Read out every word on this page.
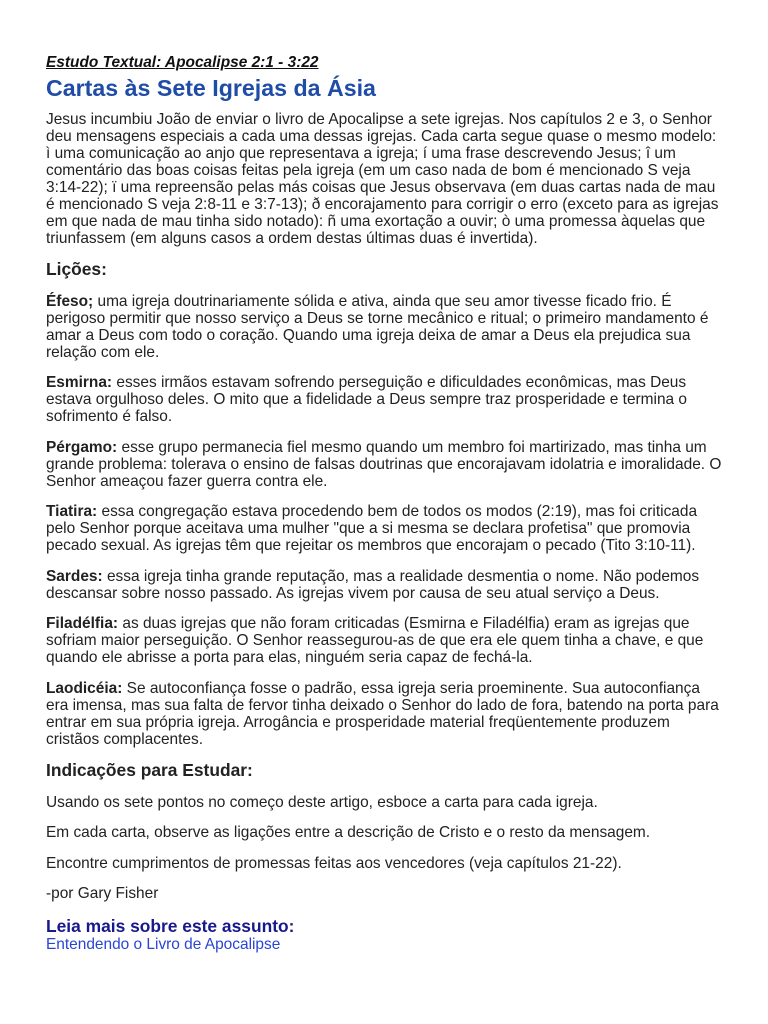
Estudo Textual: Apocalipse 2:1 - 3:22
Cartas às Sete Igrejas da Ásia

Jesus incumbiu João de enviar o livro de Apocalipse a sete igrejas. Nos capítulos 2 e 3, o Senhor
deu mensagens especiais a cada uma dessas igrejas. Cada carta segue quase o mesmo modelo:
ì uma comunicação ao anjo que representava a igreja; í uma frase descrevendo Jesus; î um
comentário das boas coisas feitas pela igreja (em um caso nada de bom é mencionado S veja
3:14-22); ï uma repreensão pelas más coisas que Jesus observava (em duas cartas nada de mau
é mencionado S veja 2:8-11 e 3:7-13); ð encorajamento para corrigir o erro (exceto para as igrejas
em que nada de mau tinha sido notado): ñ uma exortação a ouvir; ò uma promessa àquelas que
triunfassem (em alguns casos a ordem destas últimas duas é invertida).

Lições:

Éfeso; uma igreja doutrinariamente sólida e ativa, ainda que seu amor tivesse ficado frio. É
perigoso permitir que nosso serviço a Deus se torne mecânico e ritual; o primeiro mandamento é
amar a Deus com todo o coração. Quando uma igreja deixa de amar a Deus ela prejudica sua
relação com ele.

Esmirna: esses irmãos estavam sofrendo perseguição e dificuldades econômicas, mas Deus
estava orgulhoso deles. O mito que a fidelidade a Deus sempre traz prosperidade e termina o
sofrimento é falso.

Pérgamo: esse grupo permanecia fiel mesmo quando um membro foi martirizado, mas tinha um
grande problema: tolerava o ensino de falsas doutrinas que encorajavam idolatria e imoralidade. O
Senhor ameaçou fazer guerra contra ele.

Tiatira: essa congregação estava procedendo bem de todos os modos (2:19), mas foi criticada
pelo Senhor porque aceitava uma mulher "que a si mesma se declara profetisa" que promovia
pecado sexual. As igrejas têm que rejeitar os membros que encorajam o pecado (Tito 3:10-11).

Sardes: essa igreja tinha grande reputação, mas a realidade desmentia o nome. Não podemos
descansar sobre nosso passado. As igrejas vivem por causa de seu atual serviço a Deus.

Filadélfia: as duas igrejas que não foram criticadas (Esmirna e Filadélfia) eram as igrejas que
sofriam maior perseguição. O Senhor reassegurou-as de que era ele quem tinha a chave, e que
quando ele abrisse a porta para elas, ninguém seria capaz de fechá-la.

Laodicéia: Se autoconfiança fosse o padrão, essa igreja seria proeminente. Sua autoconfiança
era imensa, mas sua falta de fervor tinha deixado o Senhor do lado de fora, batendo na porta para
entrar em sua própria igreja. Arrogância e prosperidade material freqüentemente produzem
cristãos complacentes.

Indicações para Estudar:

Usando os sete pontos no começo deste artigo, esboce a carta para cada igreja.

Em cada carta, observe as ligações entre a descrição de Cristo e o resto da mensagem.

Encontre cumprimentos de promessas feitas aos vencedores (veja capítulos 21-22).

-por Gary Fisher

Leia mais sobre este assunto:
Entendendo o Livro de Apocalipse
